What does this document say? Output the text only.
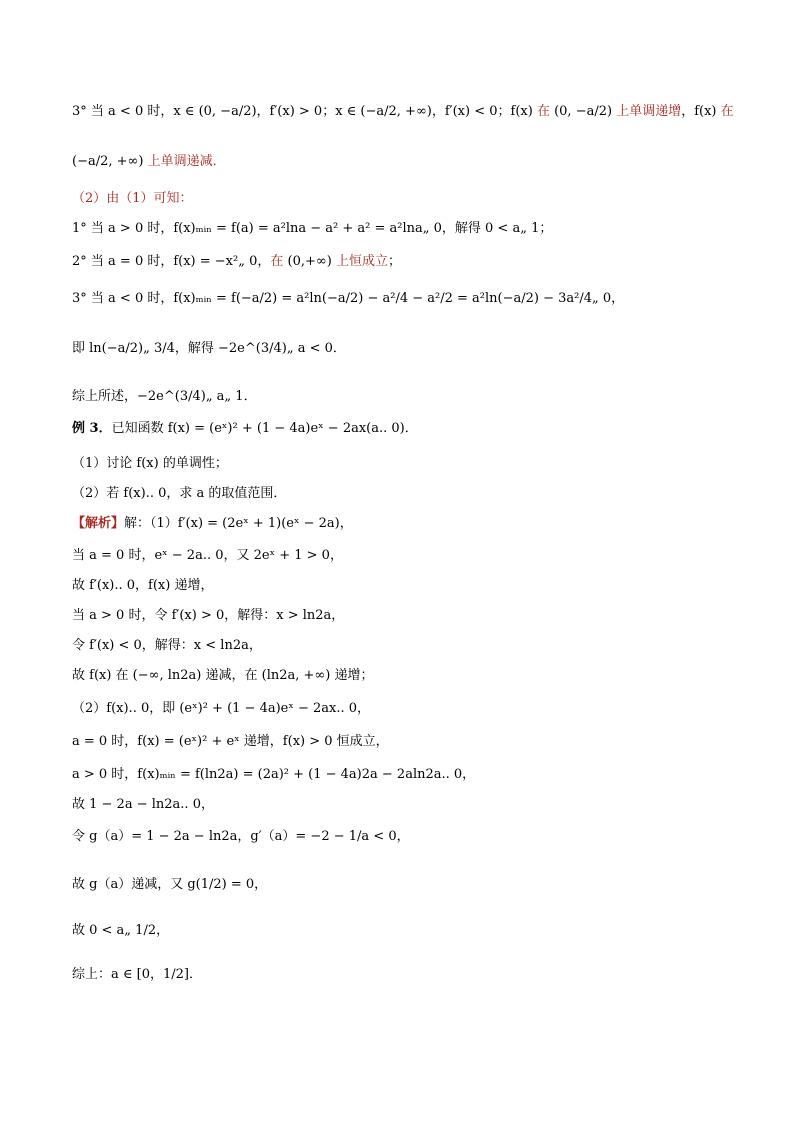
3° 当 a < 0 时，x ∈ (0, −a/2)，f′(x) > 0；x ∈ (−a/2, +∞)，f′(x) < 0；f(x) 在 (0, −a/2) 上单调递增，f(x) 在
(−a/2, +∞) 上单调递减．
（2）由（1）可知：
1° 当 a > 0 时，f(x)ₘᵢₙ = f(a) = a²lna − a² + a² = a²lna„ 0，解得 0 < a„ 1；
2° 当 a = 0 时，f(x) = −x²„ 0，在 (0,+∞) 上恒成立；
3° 当 a < 0 时，f(x)ₘᵢₙ = f(−a/2) = a²ln(−a/2) − a²/4 − a²/2 = a²ln(−a/2) − 3a²/4„ 0，
即 ln(−a/2)„ 3/4，解得 −2e^(3/4)„ a < 0．
综上所述，−2e^(3/4)„ a„ 1．
例 3．已知函数 f(x) = (eˣ)² + (1 − 4a)eˣ − 2ax(a.. 0)．
（1）讨论 f(x) 的单调性；
（2）若 f(x).. 0，求 a 的取值范围．
【解析】解：（1）f′(x) = (2eˣ + 1)(eˣ − 2a)，
当 a = 0 时，eˣ − 2a.. 0，又 2eˣ + 1 > 0，
故 f′(x).. 0，f(x) 递增，
当 a > 0 时，令 f′(x) > 0，解得：x > ln2a，
令 f′(x) < 0，解得：x < ln2a，
故 f(x) 在 (−∞, ln2a) 递减，在 (ln2a, +∞) 递增；
（2）f(x).. 0，即 (eˣ)² + (1 − 4a)eˣ − 2ax.. 0，
a = 0 时，f(x) = (eˣ)² + eˣ 递增，f(x) > 0 恒成立，
a > 0 时，f(x)ₘᵢₙ = f(ln2a) = (2a)² + (1 − 4a)2a − 2aln2a.. 0，
故 1 − 2a − ln2a.. 0，
令 g（a）= 1 − 2a − ln2a，g′（a）= −2 − 1/a < 0，
故 g（a）递减，又 g(1/2) = 0，
故 0 < a„ 1/2，
综上：a ∈ [0，1/2]．
